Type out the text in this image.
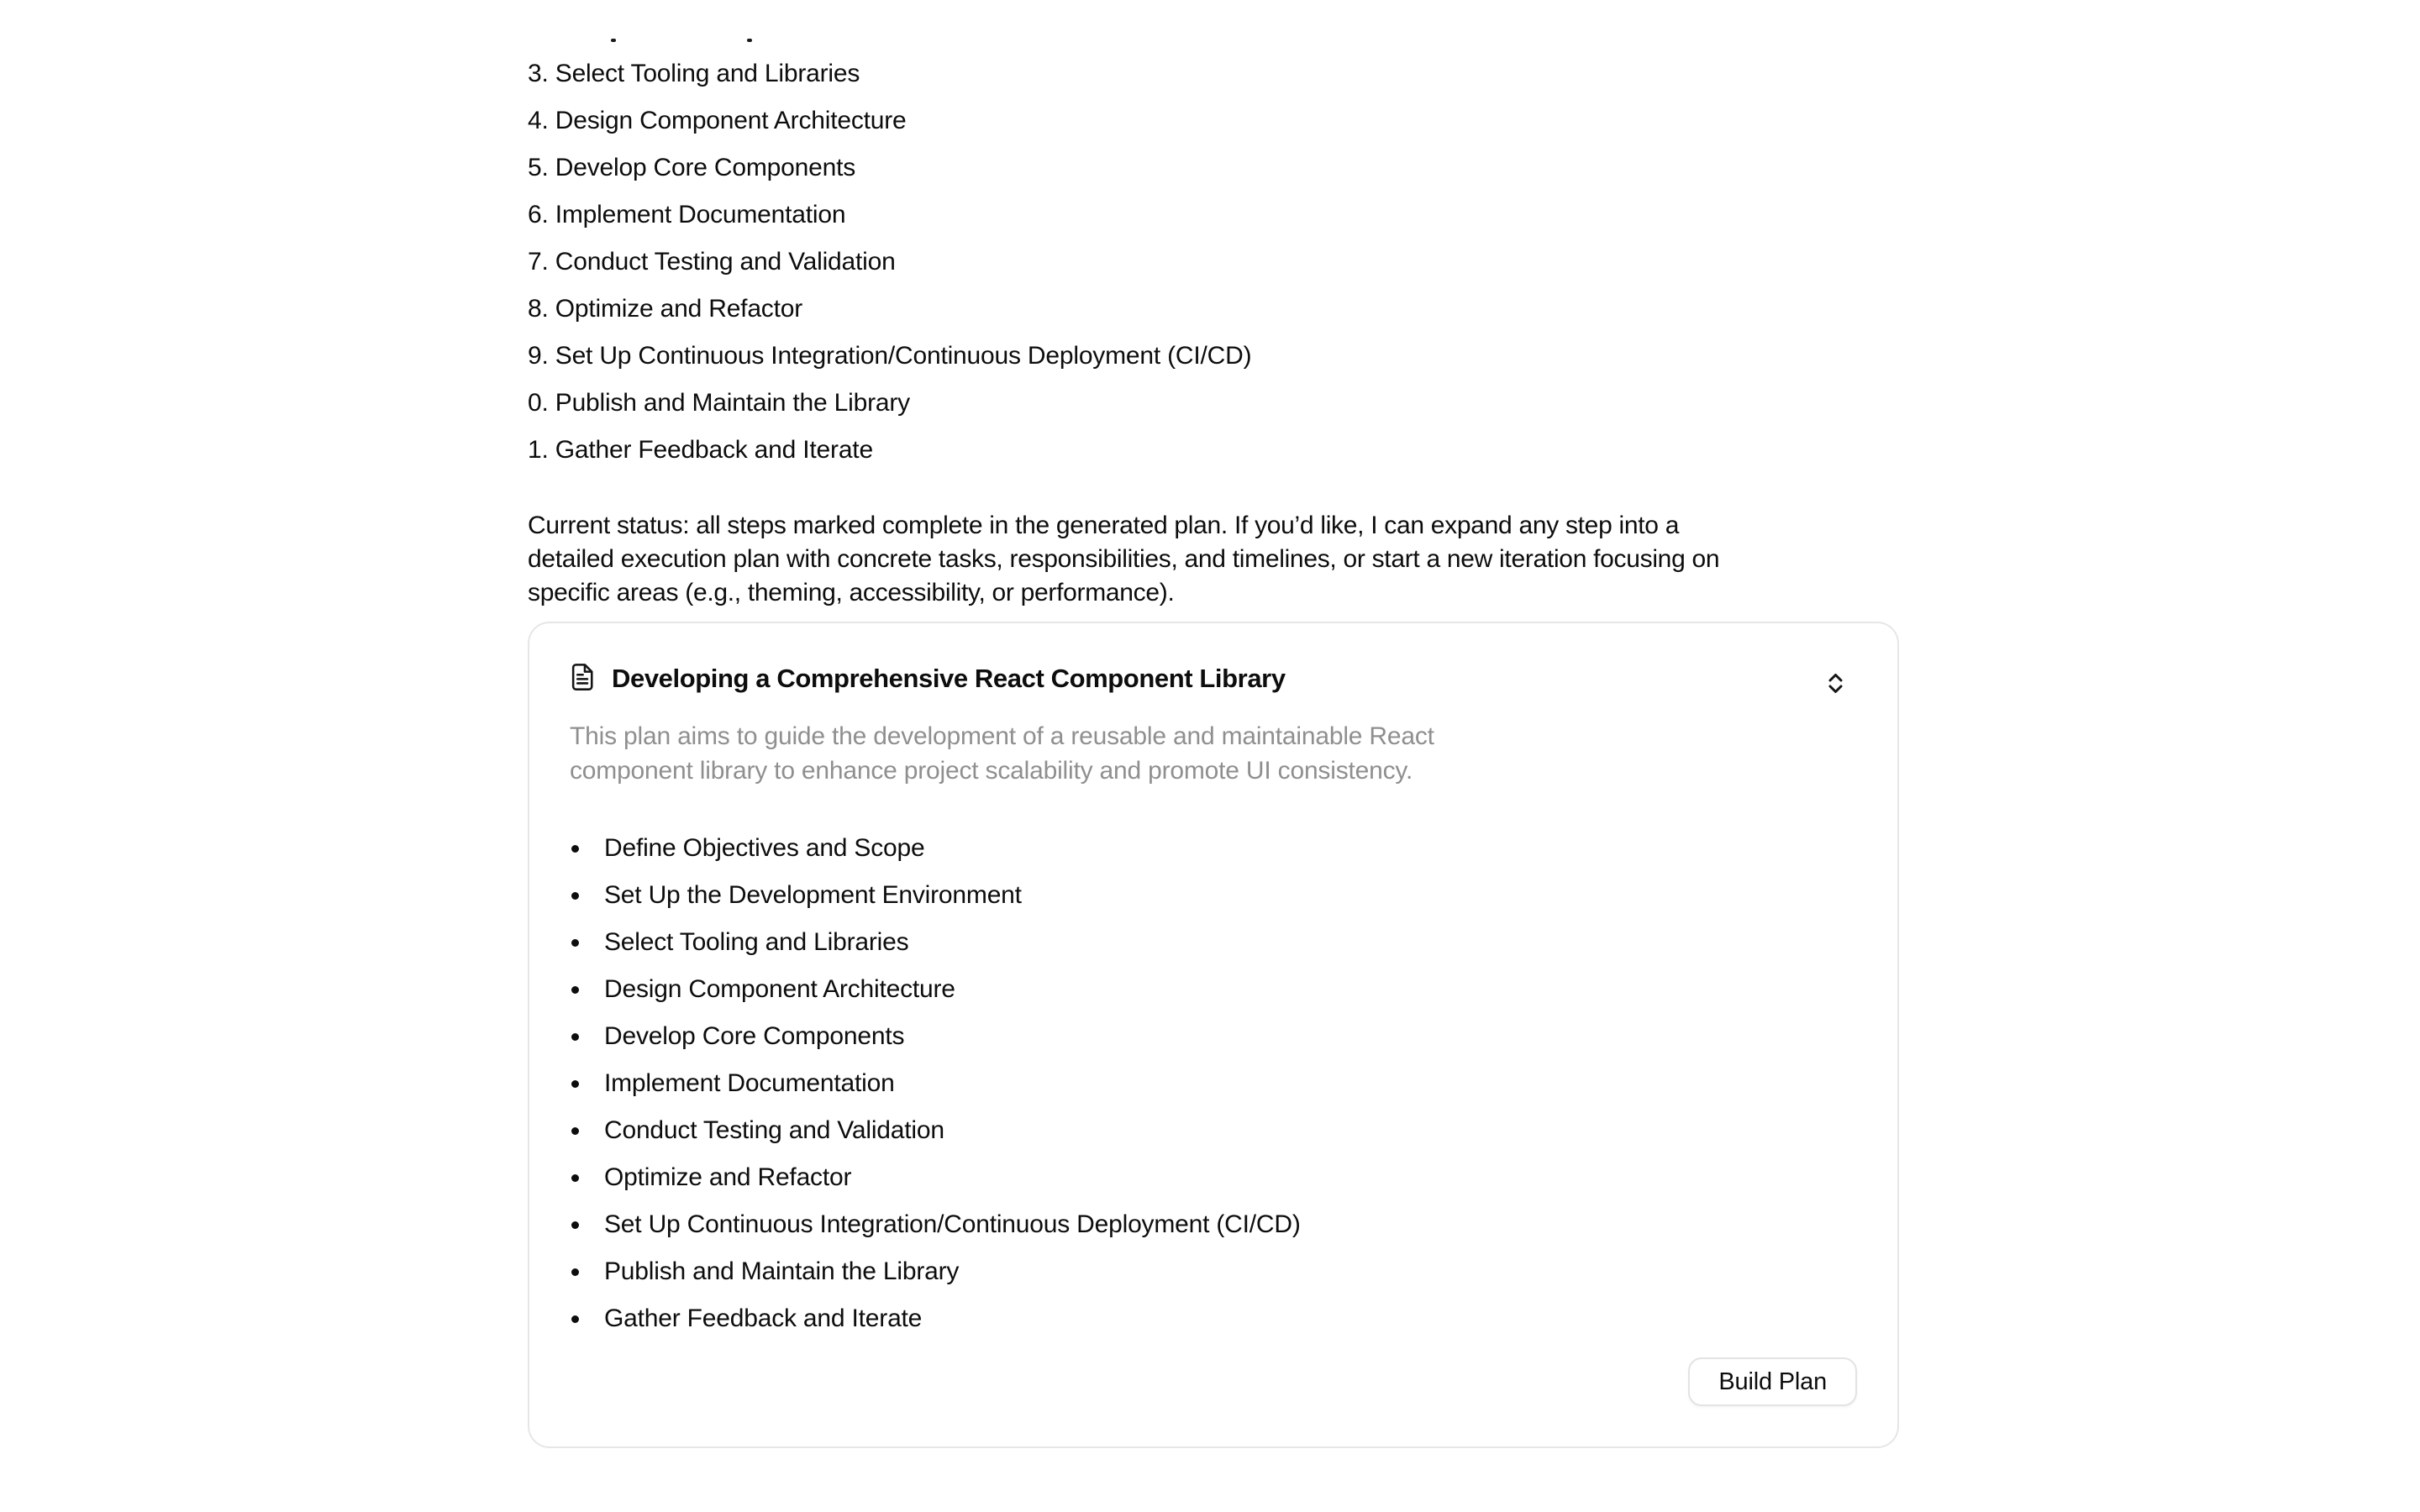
3. Select Tooling and Libraries
4. Design Component Architecture
5. Develop Core Components
6. Implement Documentation
7. Conduct Testing and Validation
8. Optimize and Refactor
9. Set Up Continuous Integration/Continuous Deployment (CI/CD)
0. Publish and Maintain the Library
1. Gather Feedback and Iterate

Current status: all steps marked complete in the generated plan. If you’d like, I can expand any step into a detailed execution plan with concrete tasks, responsibilities, and timelines, or start a new iteration focusing on specific areas (e.g., theming, accessibility, or performance).

Developing a Comprehensive React Component Library

This plan aims to guide the development of a reusable and maintainable React component library to enhance project scalability and promote UI consistency.

Define Objectives and Scope
Set Up the Development Environment
Select Tooling and Libraries
Design Component Architecture
Develop Core Components
Implement Documentation
Conduct Testing and Validation
Optimize and Refactor
Set Up Continuous Integration/Continuous Deployment (CI/CD)
Publish and Maintain the Library
Gather Feedback and Iterate
Build Plan
